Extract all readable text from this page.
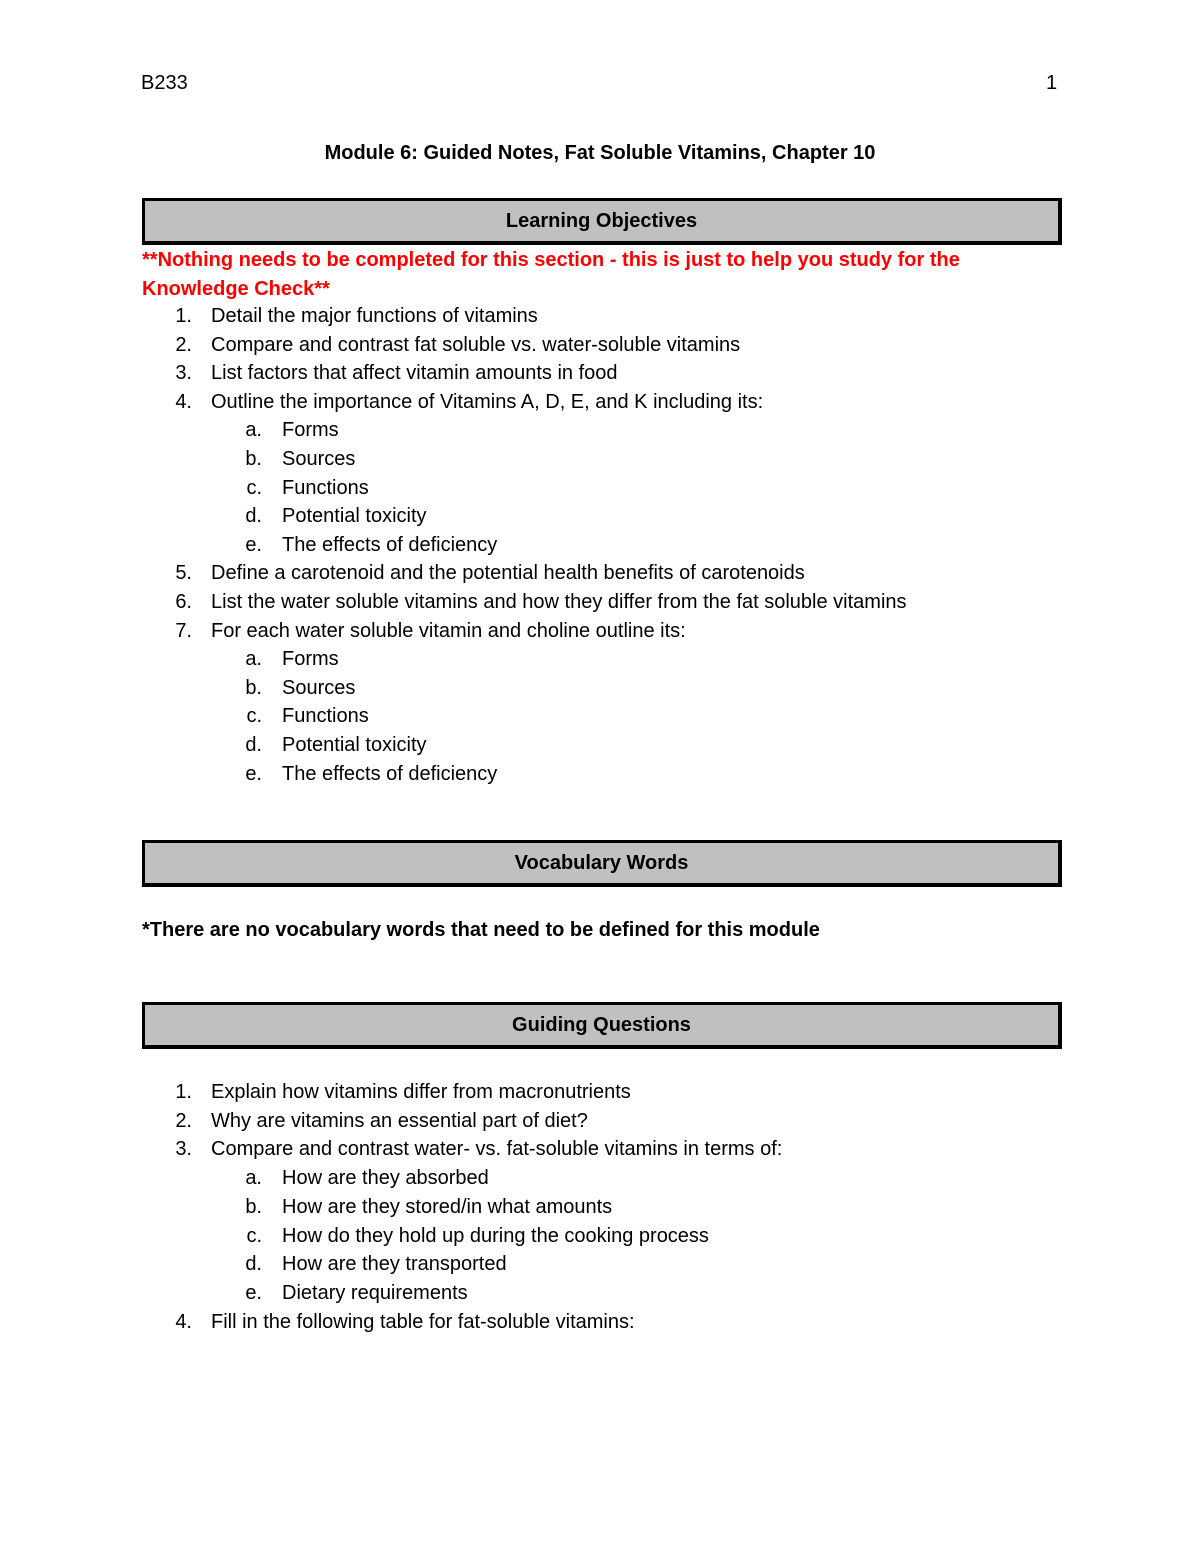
B233	1
Module 6: Guided Notes, Fat Soluble Vitamins, Chapter 10
Learning Objectives
**Nothing needs to be completed for this section - this is just to help you study for the
Knowledge Check**
1. Detail the major functions of vitamins
2. Compare and contrast fat soluble vs. water-soluble vitamins
3. List factors that affect vitamin amounts in food
4. Outline the importance of Vitamins A, D, E, and K including its:
a. Forms
b. Sources
c. Functions
d. Potential toxicity
e. The effects of deficiency
5. Define a carotenoid and the potential health benefits of carotenoids
6. List the water soluble vitamins and how they differ from the fat soluble vitamins
7. For each water soluble vitamin and choline outline its:
a. Forms
b. Sources
c. Functions
d. Potential toxicity
e. The effects of deficiency
Vocabulary Words
*There are no vocabulary words that need to be defined for this module
Guiding Questions
1. Explain how vitamins differ from macronutrients
2. Why are vitamins an essential part of diet?
3. Compare and contrast water- vs. fat-soluble vitamins in terms of:
a. How are they absorbed
b. How are they stored/in what amounts
c. How do they hold up during the cooking process
d. How are they transported
e. Dietary requirements
4. Fill in the following table for fat-soluble vitamins:
